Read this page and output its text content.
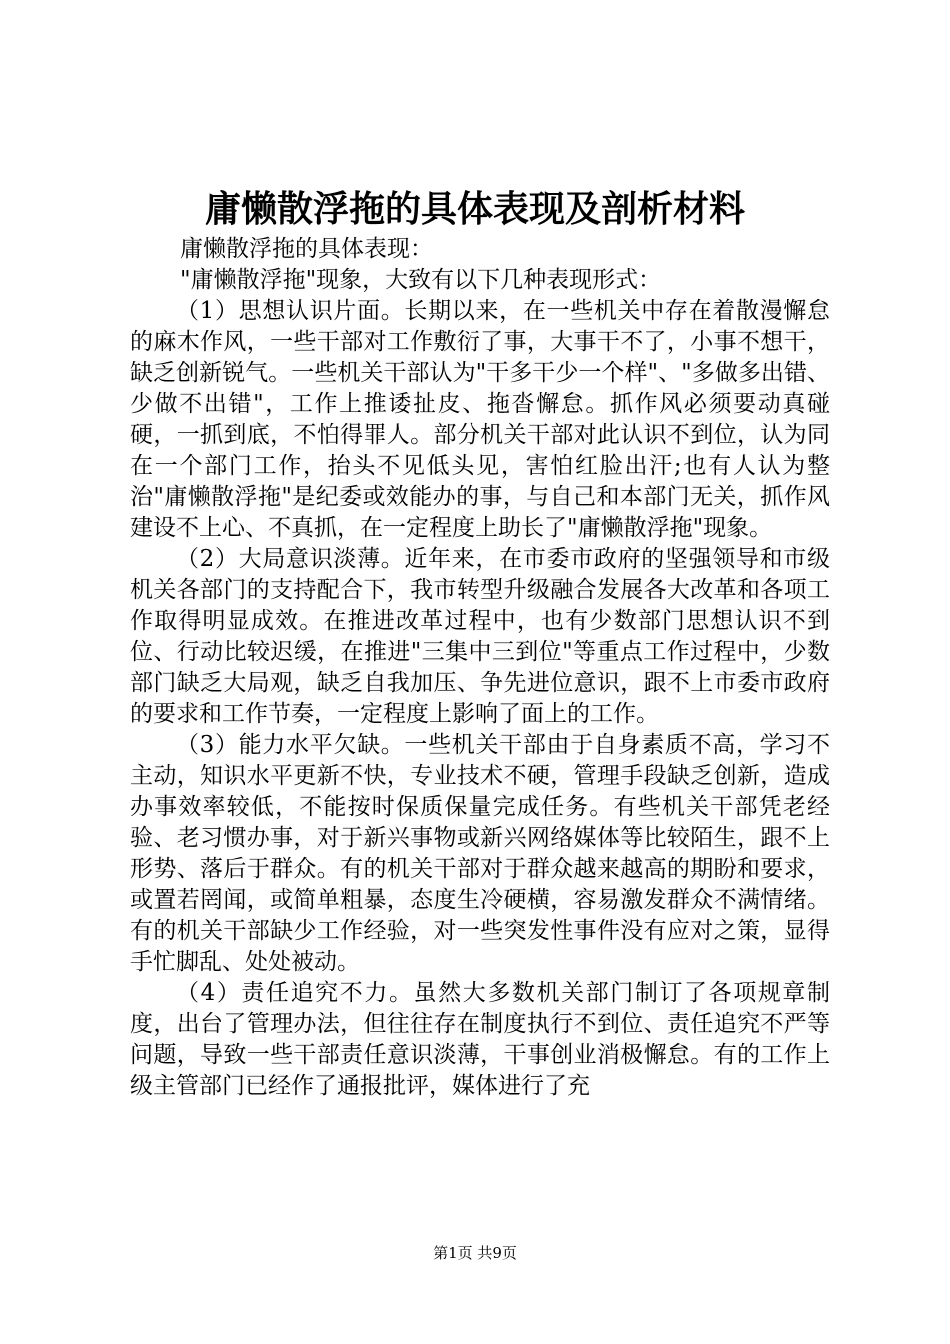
庸懒散浮拖的具体表现及剖析材料

庸懒散浮拖的具体表现：

"庸懒散浮拖"现象，大致有以下几种表现形式：

（1）思想认识片面。长期以来，在一些机关中存在着散漫懈怠的麻木作风，一些干部对工作敷衍了事，大事干不了，小事不想干，缺乏创新锐气。一些机关干部认为"干多干少一个样"、"多做多出错、少做不出错"，工作上推诿扯皮、拖沓懈怠。抓作风必须要动真碰硬，一抓到底，不怕得罪人。部分机关干部对此认识不到位，认为同在一个部门工作，抬头不见低头见，害怕红脸出汗;也有人认为整治"庸懒散浮拖"是纪委或效能办的事，与自己和本部门无关，抓作风建设不上心、不真抓，在一定程度上助长了"庸懒散浮拖"现象。

（2）大局意识淡薄。近年来，在市委市政府的坚强领导和市级机关各部门的支持配合下，我市转型升级融合发展各大改革和各项工作取得明显成效。在推进改革过程中，也有少数部门思想认识不到位、行动比较迟缓，在推进"三集中三到位"等重点工作过程中，少数部门缺乏大局观，缺乏自我加压、争先进位意识，跟不上市委市政府的要求和工作节奏，一定程度上影响了面上的工作。

（3）能力水平欠缺。一些机关干部由于自身素质不高，学习不主动，知识水平更新不快，专业技术不硬，管理手段缺乏创新，造成办事效率较低，不能按时保质保量完成任务。有些机关干部凭老经验、老习惯办事，对于新兴事物或新兴网络媒体等比较陌生，跟不上形势、落后于群众。有的机关干部对于群众越来越高的期盼和要求，或置若罔闻，或简单粗暴，态度生冷硬横，容易激发群众不满情绪。有的机关干部缺少工作经验，对一些突发性事件没有应对之策，显得手忙脚乱、处处被动。

（4）责任追究不力。虽然大多数机关部门制订了各项规章制度，出台了管理办法，但往往存在制度执行不到位、责任追究不严等问题，导致一些干部责任意识淡薄，干事创业消极懈怠。有的工作上级主管部门已经作了通报批评，媒体进行了充

第1页 共9页
